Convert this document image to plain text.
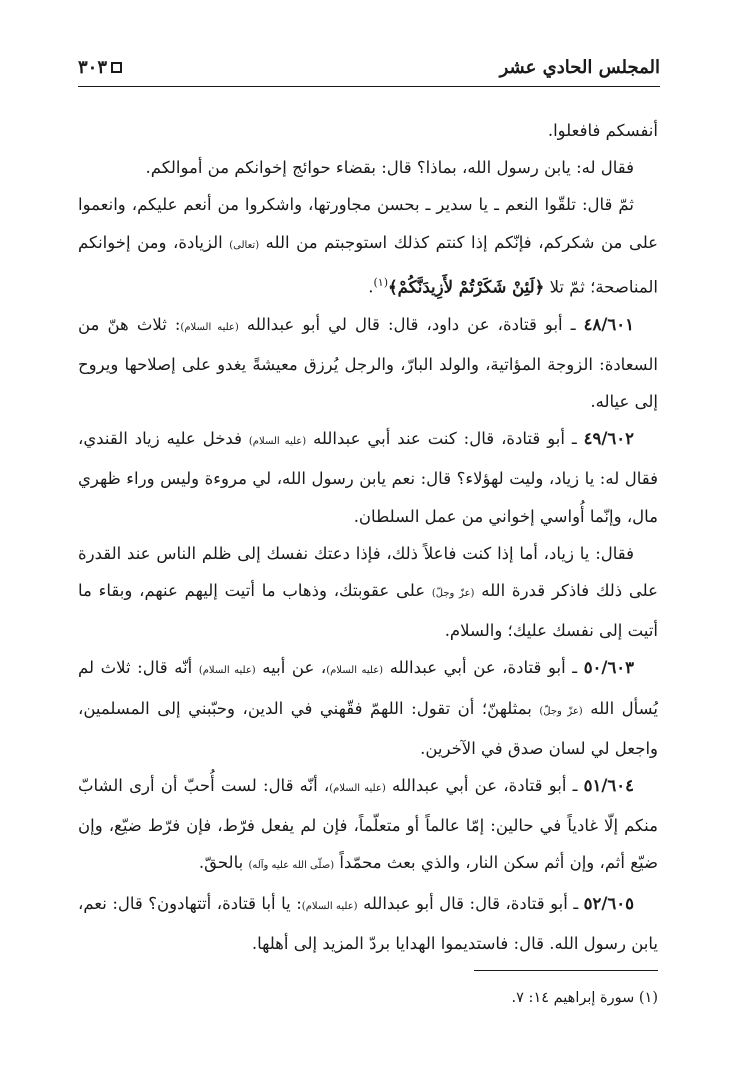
المجلس الحادي عشر
٣٠٣

أنفسكم فافعلوا.

فقال له: يابن رسول الله، بماذا؟ قال: بقضاء حوائج إخوانكم من أموالكم.

ثمّ قال: تلقّوا النعم ـ يا سدير ـ بحسن مجاورتها، واشكروا من أنعم عليكم، وانعموا على من شكركم، فإنّكم إذا كنتم كذلك استوجبتم من الله (تعالى) الزيادة، ومن إخوانكم المناصحة؛ ثمّ تلا ﴿لَئِنْ شَكَرْتُمْ لأَزِيدَنَّكُمْ﴾$^{(١)}$.

٤٨/٦٠١ ـ أبو قتادة، عن داود، قال: قال لي أبو عبدالله (عليه السلام): ثلاث هنّ من السعادة: الزوجة المؤاتية، والولد البارّ، والرجل يُرزق معيشةً يغدو على إصلاحها ويروح إلى عياله.

٤٩/٦٠٢ ـ أبو قتادة، قال: كنت عند أبي عبدالله (عليه السلام) فدخل عليه زياد القندي، فقال له: يا زياد، وليت لهؤلاء؟ قال: نعم يابن رسول الله، لي مروءة وليس وراء ظهري مال، وإنّما أُواسي إخواني من عمل السلطان.

فقال: يا زياد، أما إذا كنت فاعلاً ذلك، فإذا دعتك نفسك إلى ظلم الناس عند القدرة على ذلك فاذكر قدرة الله (عزّ وجلّ) على عقوبتك، وذهاب ما أتيت إليهم عنهم، وبقاء ما أتيت إلى نفسك عليك؛ والسلام.

٥٠/٦٠٣ ـ أبو قتادة، عن أبي عبدالله (عليه السلام)، عن أبيه (عليه السلام) أنّه قال: ثلاث لم يُسأل الله (عزّ وجلّ) بمثلهنّ؛ أن تقول: اللهمّ فقّهني في الدين، وحبّبني إلى المسلمين، واجعل لي لسان صدق في الآخرين.

٥١/٦٠٤ ـ أبو قتادة، عن أبي عبدالله (عليه السلام)، أنّه قال: لست أُحبّ أن أرى الشابّ منكم إلّا غادياً في حالين: إمّا عالماً أو متعلّماً، فإن لم يفعل فرّط، فإن فرّط ضيّع، وإن ضيّع أثم، وإن أثم سكن النار، والذي بعث محمّداً (صلّى الله عليه وآله) بالحقّ.

٥٢/٦٠٥ ـ أبو قتادة، قال: قال أبو عبدالله (عليه السلام): يا أبا قتادة، أتتهادون؟ قال: نعم، يابن رسول الله. قال: فاستديموا الهدايا بردّ المزيد إلى أهلها.

(١) سورة إبراهيم ١٤: ٧.
